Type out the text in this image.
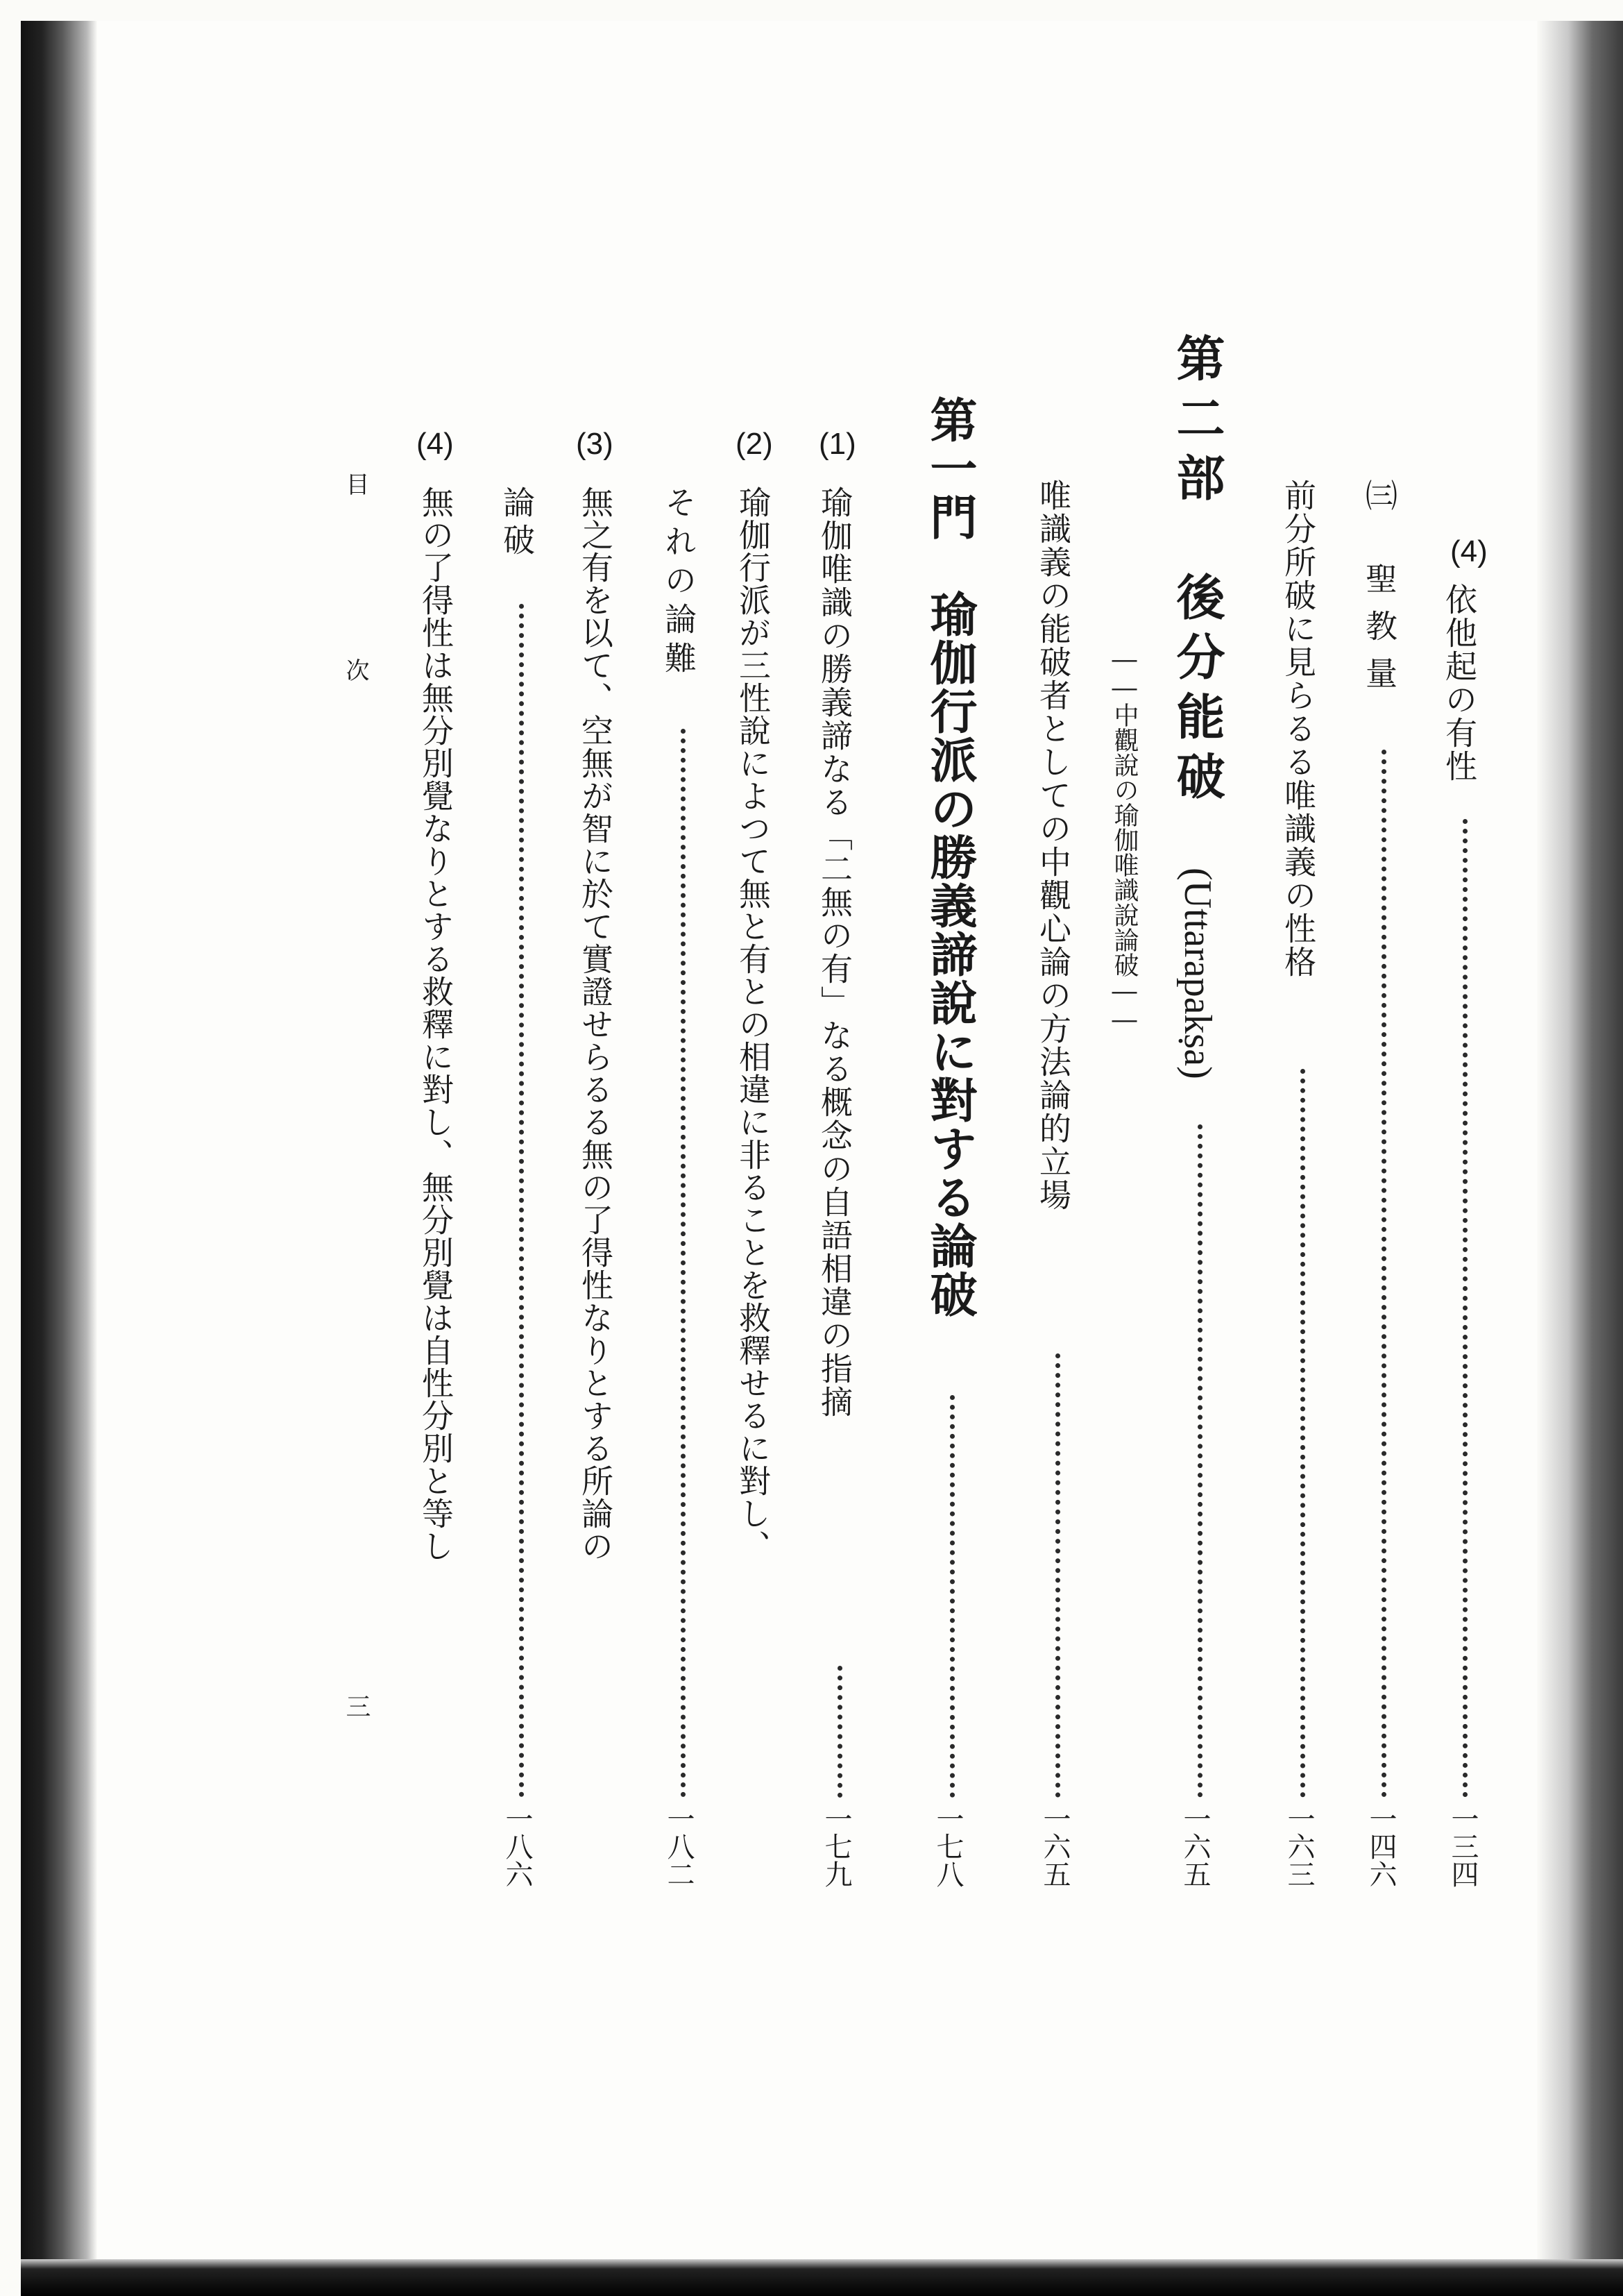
(4)
依他起の有性
一三四
㈢
聖教量
一四六
前分所破に見らるる唯識義の性格
一六三
第二部　後分能破
(Uttarapakṣa)
一六五
――中觀說の瑜伽唯識說論破――
唯識義の能破者としての中觀心論の方法論的立場
一六五
第一門　瑜伽行派の勝義諦說に對する論破
一七八
(1)
瑜伽唯識の勝義諦なる「二無の有」なる概念の自語相違の指摘
一七九
(2)
瑜伽行派が三性說によつて無と有との相違に非ることを救釋せるに對し、
それの論難
一八二
(3)
無之有を以て、空無が智に於て實證せらるる無の了得性なりとする所論の
論破
一八六
(4)
無の了得性は無分別覺なりとする救釋に對し、無分別覺は自性分別と等し
目　次
三
